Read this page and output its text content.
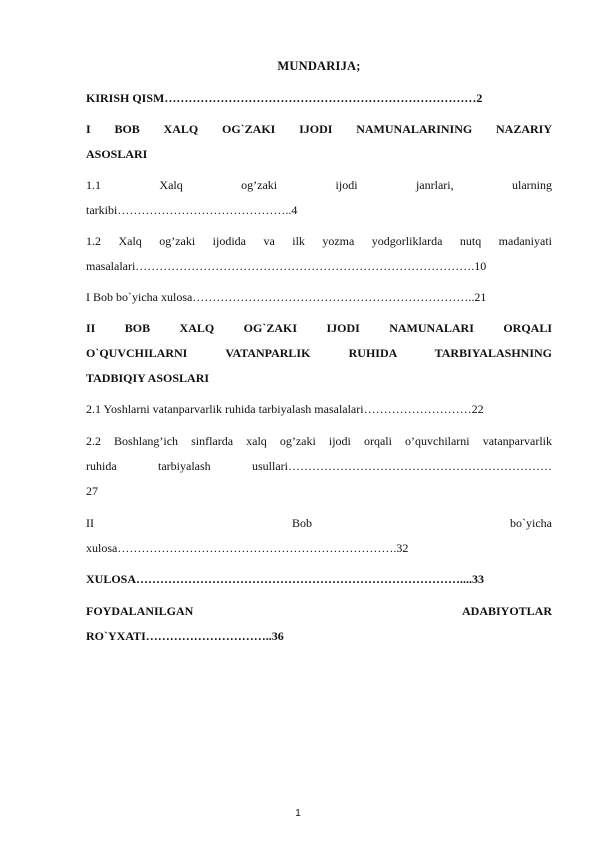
MUNDARIJA;
KIRISH QISM……………………………………………………………………2
I BOB XALQ OG`ZAKI IJODI NAMUNALARINING NAZARIY
ASOSLARI
1.1 Xalq og’zaki ijodi janrlari, ularning
tarkibi……………………………………..4
1.2 Xalq og’zaki ijodida va ilk yozma yodgorliklarda nutq madaniyati
masalalari………………………………………………………………………….10
I Bob bo`yicha xulosa……………………………………………………………..21
II BOB XALQ OG`ZAKI IJODI NAMUNALARI ORQALI
O`QUVCHILARNI VATANPARLIK RUHIDA TARBIYALASHNING
TADBIQIY ASOSLARI
2.1 Yoshlarni vatanparvarlik ruhida tarbiyalash masalalari………………………22
2.2 Boshlang’ich sinflarda xalq og’zaki ijodi orqali o’quvchilarni vatanparvarlik
ruhida tarbiyalash usullari…………………………………………………………
27
II	Bob	bo`yicha
xulosa…………………………………………………………….32
XULOSA………………………………………………………………………....33
FOYDALANILGAN	ADABIYOTLAR
RO`YXATI…………………………..36
1
